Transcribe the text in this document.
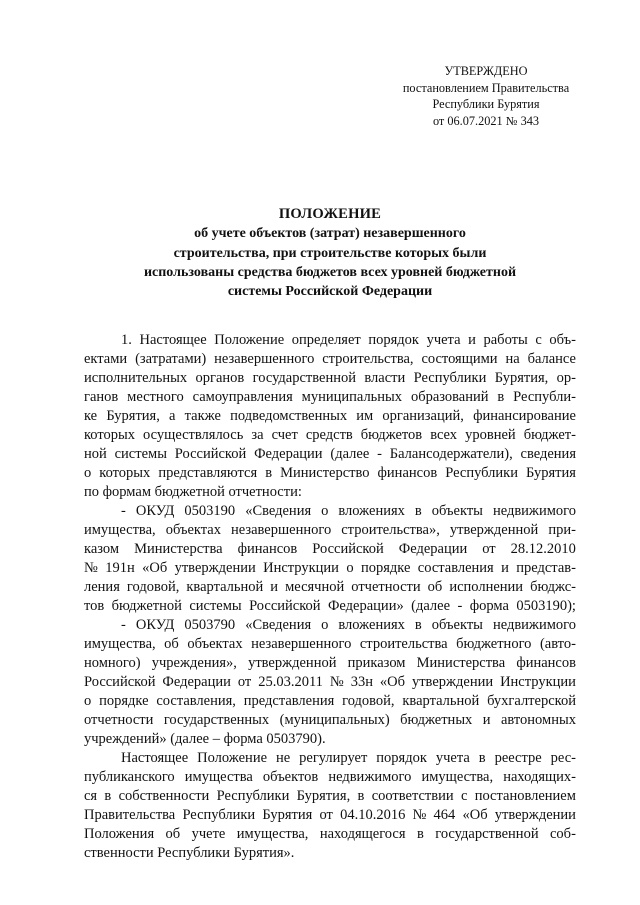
УТВЕРЖДЕНО
постановлением Правительства
Республики Бурятия
от 06.07.2021 № 343
ПОЛОЖЕНИЕ
об учете объектов (затрат) незавершенного
строительства, при строительстве которых были
использованы средства бюджетов всех уровней бюджетной
системы Российской Федерации
1. Настоящее Положение определяет порядок учета и работы с объ-
ектами (затратами) незавершенного строительства, состоящими на балансе
исполнительных органов государственной власти Республики Бурятия, ор-
ганов местного самоуправления муниципальных образований в Республи-
ке Бурятия, а также подведомственных им организаций, финансирование
которых осуществлялось за счет средств бюджетов всех уровней бюджет-
ной системы Российской Федерации (далее - Балансодержатели), сведения
о которых представляются в Министерство финансов Республики Бурятия
по формам бюджетной отчетности:
- ОКУД 0503190 «Сведения о вложениях в объекты недвижимого
имущества, объектах незавершенного строительства», утвержденной при-
казом Министерства финансов Российской Федерации от 28.12.2010
№ 191н «Об утверждении Инструкции о порядке составления и представ-
ления годовой, квартальной и месячной отчетности об исполнении бюджс-
тов бюджетной системы Российской Федерации» (далее - форма 0503190);
- ОКУД 0503790 «Сведения о вложениях в объекты недвижимого
имущества, об объектах незавершенного строительства бюджетного (авто-
номного) учреждения», утвержденной приказом Министерства финансов
Российской Федерации от 25.03.2011 № 33н «Об утверждении Инструкции
о порядке составления, представления годовой, квартальной бухгалтерской
отчетности государственных (муниципальных) бюджетных и автономных
учреждений» (далее – форма 0503790).
Настоящее Положение не регулирует порядок учета в реестре рес-
публиканского имущества объектов недвижимого имущества, находящих-
ся в собственности Республики Бурятия, в соответствии с постановлением
Правительства Республики Бурятия от 04.10.2016 № 464 «Об утверждении
Положения об учете имущества, находящегося в государственной соб-
ственности Республики Бурятия».
